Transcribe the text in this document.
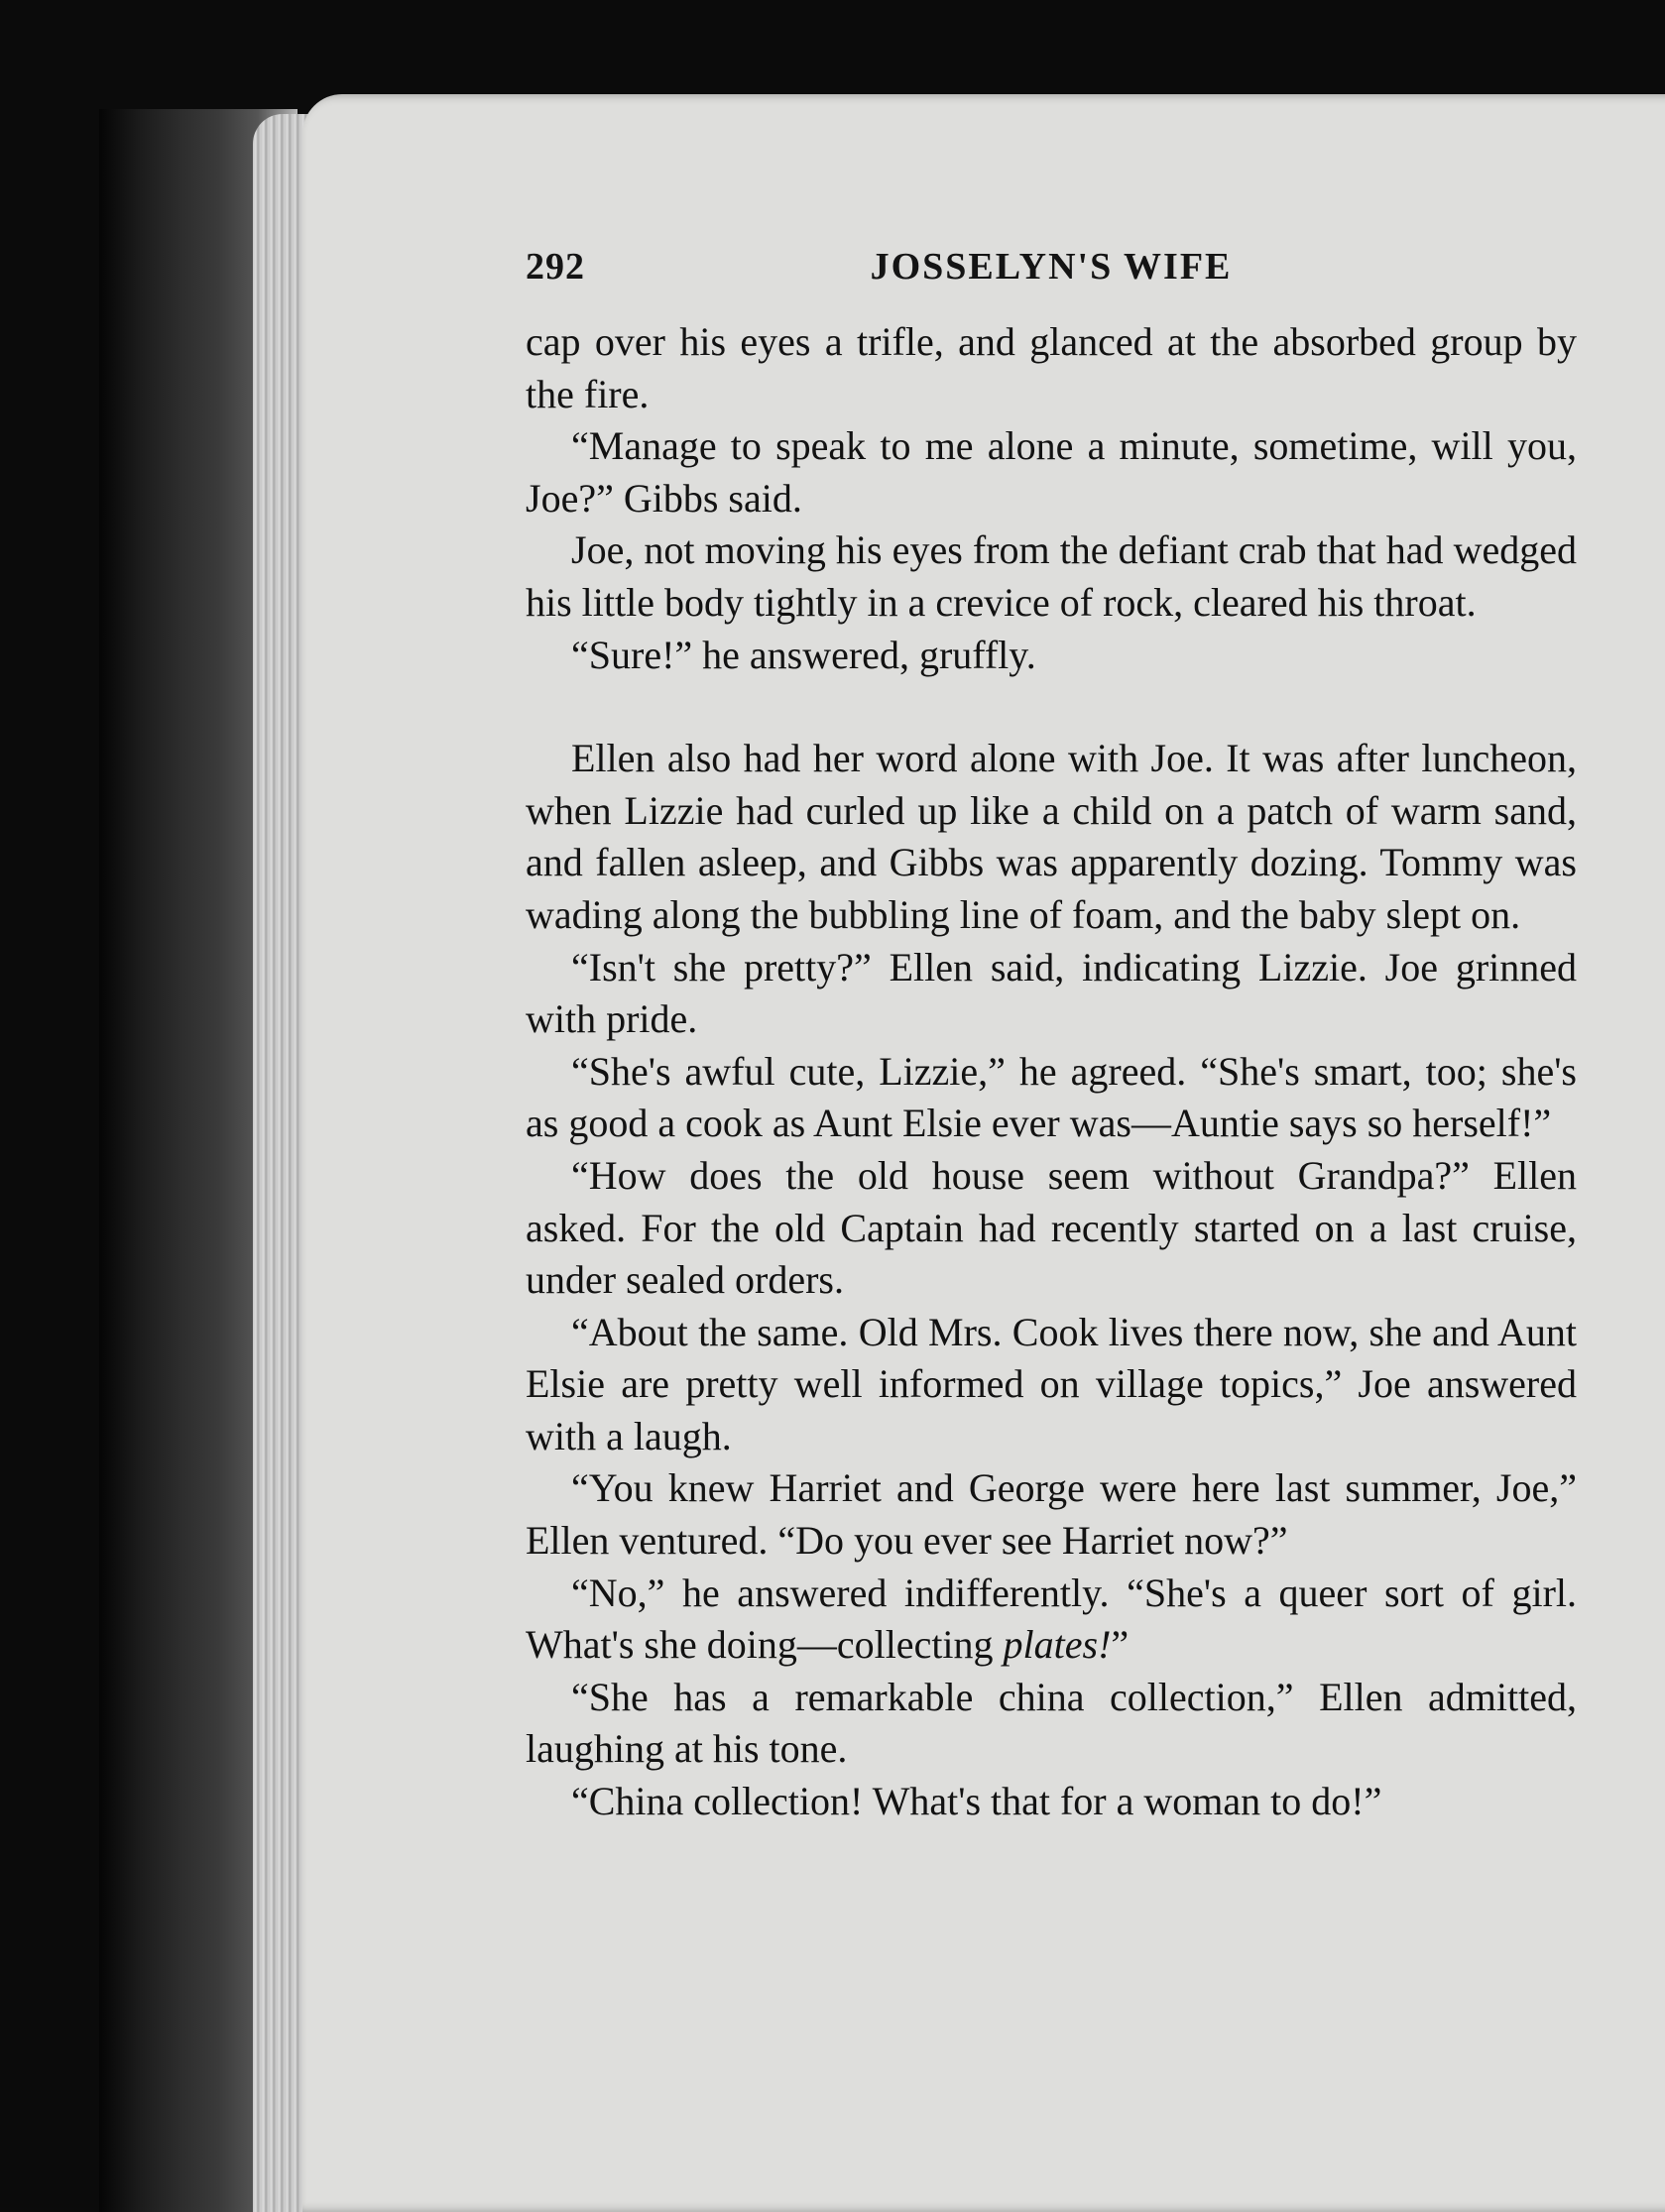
292	JOSSELYN'S WIFE

cap over his eyes a trifle, and glanced at the absorbed group by the fire.

“Manage to speak to me alone a minute, sometime, will you, Joe?” Gibbs said.

Joe, not moving his eyes from the defiant crab that had wedged his little body tightly in a crevice of rock, cleared his throat.

“Sure!” he answered, gruffly.

Ellen also had her word alone with Joe. It was after luncheon, when Lizzie had curled up like a child on a patch of warm sand, and fallen asleep, and Gibbs was apparently dozing. Tommy was wading along the bubbling line of foam, and the baby slept on.

“Isn't she pretty?” Ellen said, indicating Lizzie. Joe grinned with pride.

“She's awful cute, Lizzie,” he agreed. “She's smart, too; she's as good a cook as Aunt Elsie ever was—Auntie says so herself!”

“How does the old house seem without Grandpa?” Ellen asked. For the old Captain had recently started on a last cruise, under sealed orders.

“About the same. Old Mrs. Cook lives there now, she and Aunt Elsie are pretty well informed on village topics,” Joe answered with a laugh.

“You knew Harriet and George were here last summer, Joe,” Ellen ventured. “Do you ever see Harriet now?”

“No,” he answered indifferently. “She's a queer sort of girl. What's she doing—collecting plates!”

“She has a remarkable china collection,” Ellen admitted, laughing at his tone.

“China collection! What's that for a woman to do!”
